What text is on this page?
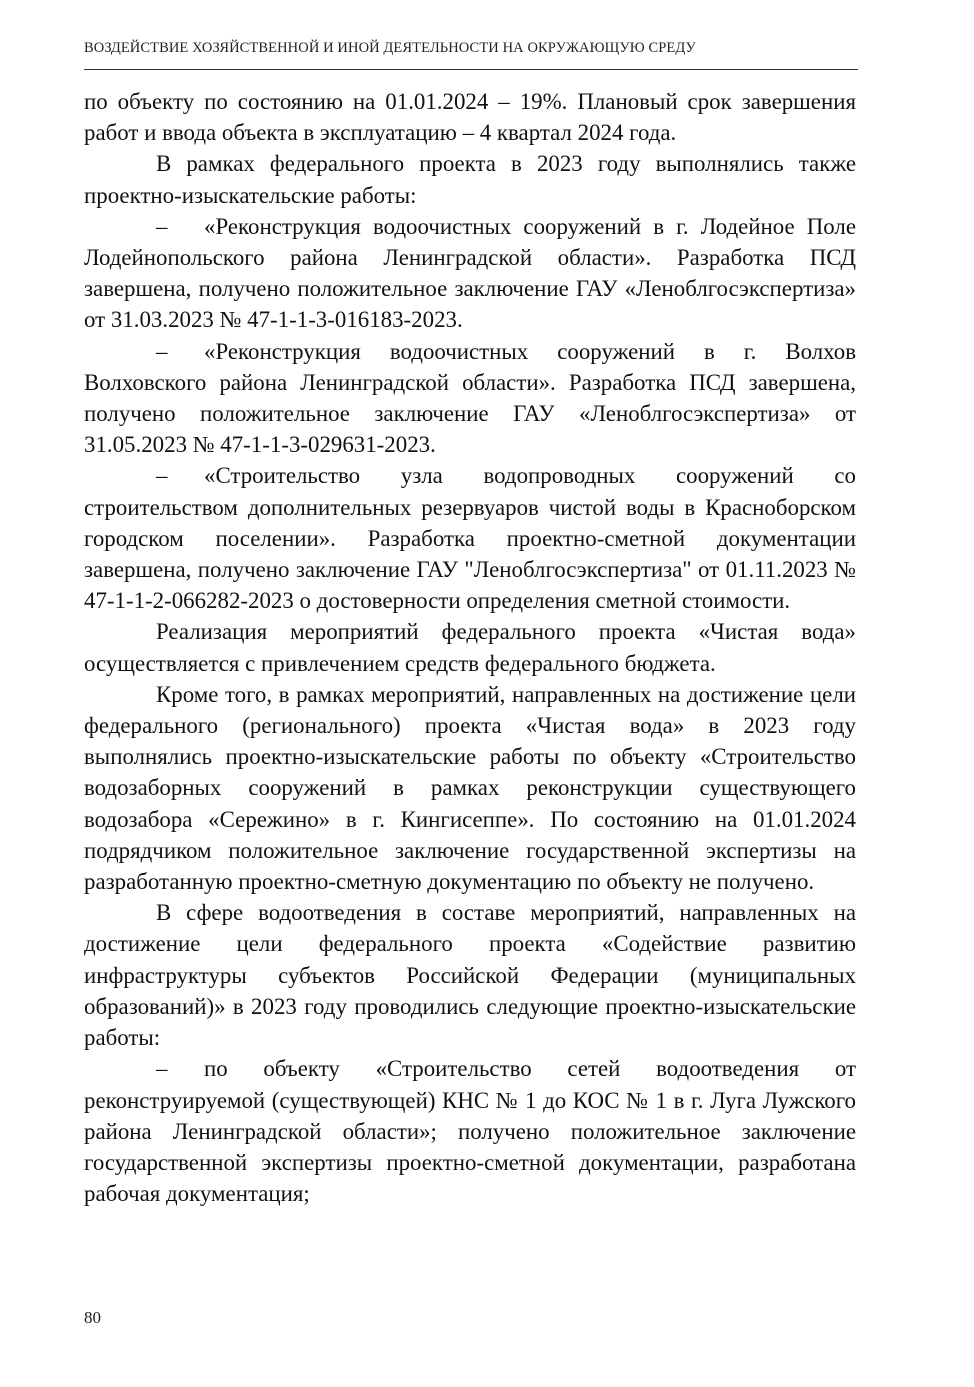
ВОЗДЕЙСТВИЕ ХОЗЯЙСТВЕННОЙ И ИНОЙ ДЕЯТЕЛЬНОСТИ НА ОКРУЖАЮЩУЮ СРЕДУ

по объекту по состоянию на 01.01.2024 – 19%. Плановый срок завершения работ и ввода объекта в эксплуатацию – 4 квартал 2024 года.

В рамках федерального проекта в 2023 году выполнялись также проектно-изыскательские работы:

– «Реконструкция водоочистных сооружений в г. Лодейное Поле Лодейнопольского района Ленинградской области». Разработка ПСД завершена, получено положительное заключение ГАУ «Леноблгосэкспертиза» от 31.03.2023 № 47-1-1-3-016183-2023.

– «Реконструкция водоочистных сооружений в г. Волхов Волховского района Ленинградской области». Разработка ПСД завершена, получено положительное заключение ГАУ «Леноблгосэкспертиза» от 31.05.2023 № 47-1-1-3-029631-2023.

– «Строительство узла водопроводных сооружений со строительством дополнительных резервуаров чистой воды в Красноборском городском поселении». Разработка проектно-сметной документации завершена, получено заключение ГАУ "Леноблгосэкспертиза" от 01.11.2023 № 47-1-1-2-066282-2023 о достоверности определения сметной стоимости.

Реализация мероприятий федерального проекта «Чистая вода» осуществляется с привлечением средств федерального бюджета.

Кроме того, в рамках мероприятий, направленных на достижение цели федерального (регионального) проекта «Чистая вода» в 2023 году выполнялись проектно-изыскательские работы по объекту «Строительство водозаборных сооружений в рамках реконструкции существующего водозабора «Сережино» в г. Кингисеппе». По состоянию на 01.01.2024 подрядчиком положительное заключение государственной экспертизы на разработанную проектно-сметную документацию по объекту не получено.

В сфере водоотведения в составе мероприятий, направленных на достижение цели федерального проекта «Содействие развитию инфраструктуры субъектов Российской Федерации (муниципальных образований)» в 2023 году проводились следующие проектно-изыскательские работы:

– по объекту «Строительство сетей водоотведения от реконструируемой (существующей) КНС № 1 до КОС № 1 в г. Луга Лужского района Ленинградской области»; получено положительное заключение государственной экспертизы проектно-сметной документации, разработана рабочая документация;

80
